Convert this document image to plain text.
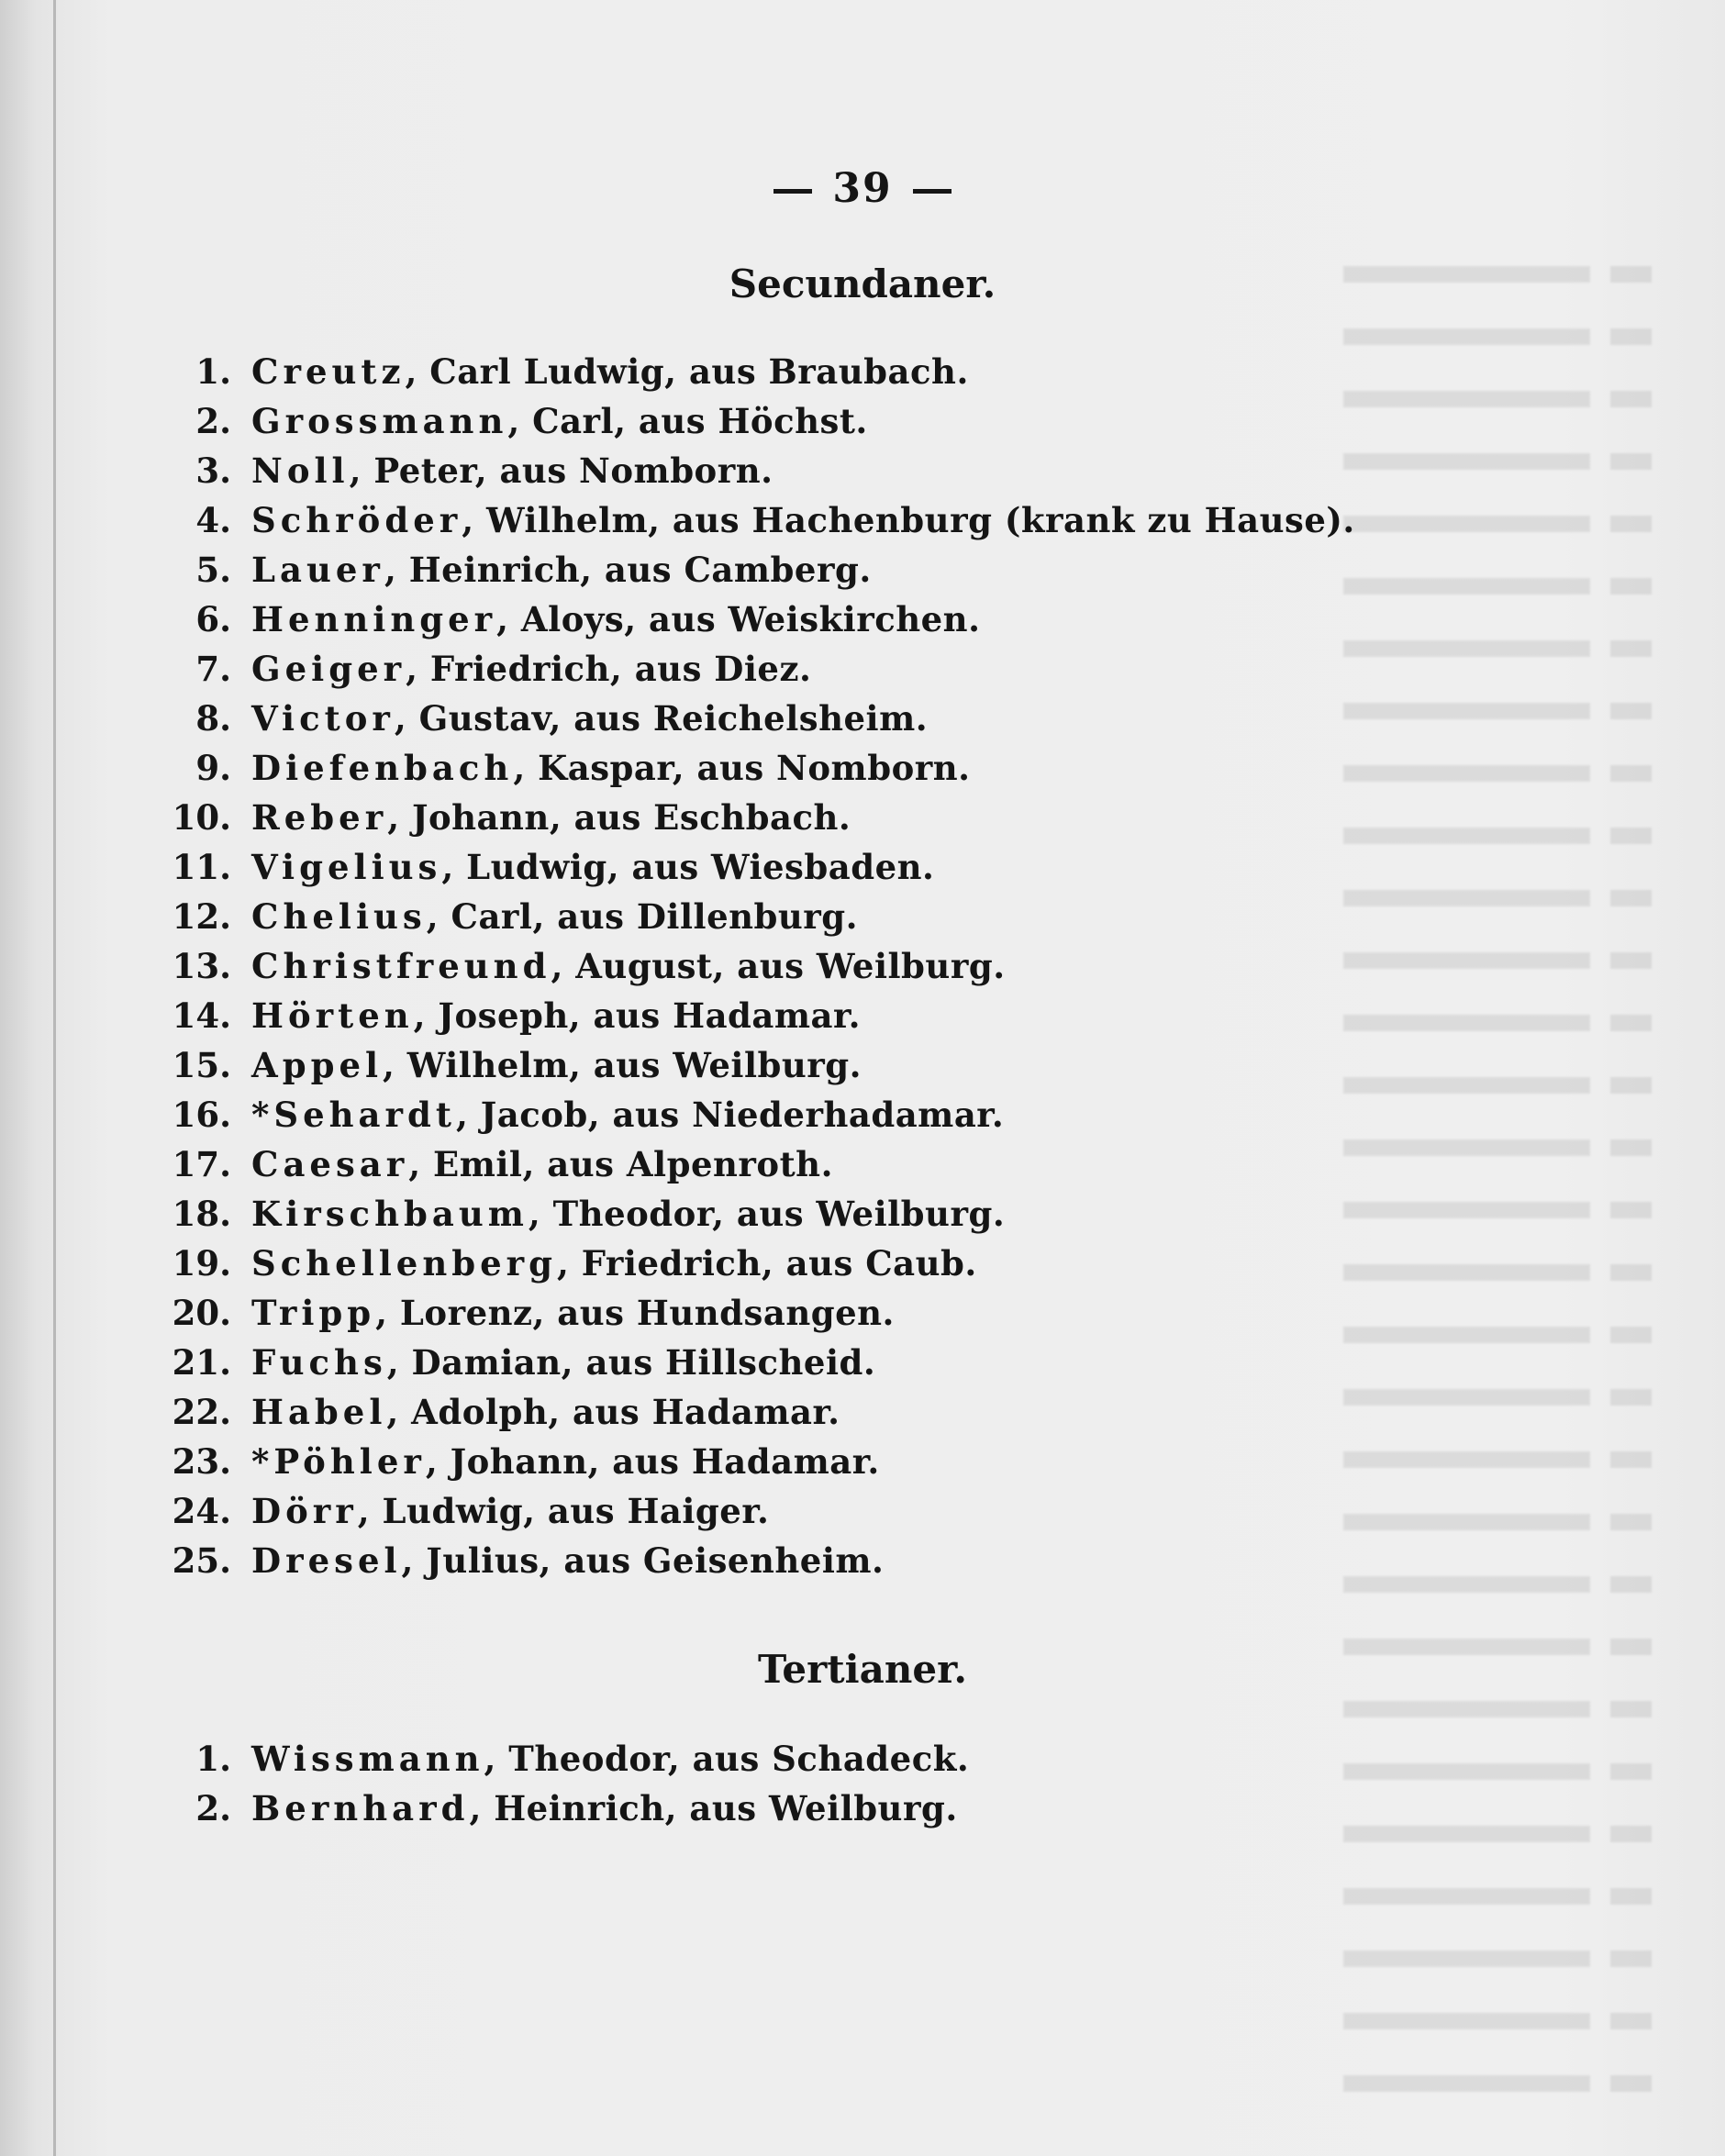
39
Secundaner.
1. Creutz, Carl Ludwig, aus Braubach.
2. Grossmann, Carl, aus Höchst.
3. Noll, Peter, aus Nomborn.
4. Schröder, Wilhelm, aus Hachenburg (krank zu Hause).
5. Lauer, Heinrich, aus Camberg.
6. Henninger, Aloys, aus Weiskirchen.
7. Geiger, Friedrich, aus Diez.
8. Victor, Gustav, aus Reichelsheim.
9. Diefenbach, Kaspar, aus Nomborn.
10. Reber, Johann, aus Eschbach.
11. Vigelius, Ludwig, aus Wiesbaden.
12. Chelius, Carl, aus Dillenburg.
13. Christfreund, August, aus Weilburg.
14. Hörten, Joseph, aus Hadamar.
15. Appel, Wilhelm, aus Weilburg.
16. *Sehardt, Jacob, aus Niederhadamar.
17. Caesar, Emil, aus Alpenroth.
18. Kirschbaum, Theodor, aus Weilburg.
19. Schellenberg, Friedrich, aus Caub.
20. Tripp, Lorenz, aus Hundsangen.
21. Fuchs, Damian, aus Hillscheid.
22. Habel, Adolph, aus Hadamar.
23. *Pöhler, Johann, aus Hadamar.
24. Dörr, Ludwig, aus Haiger.
25. Dresel, Julius, aus Geisenheim.
Tertianer.
1. Wissmann, Theodor, aus Schadeck.
2. Bernhard, Heinrich, aus Weilburg.
